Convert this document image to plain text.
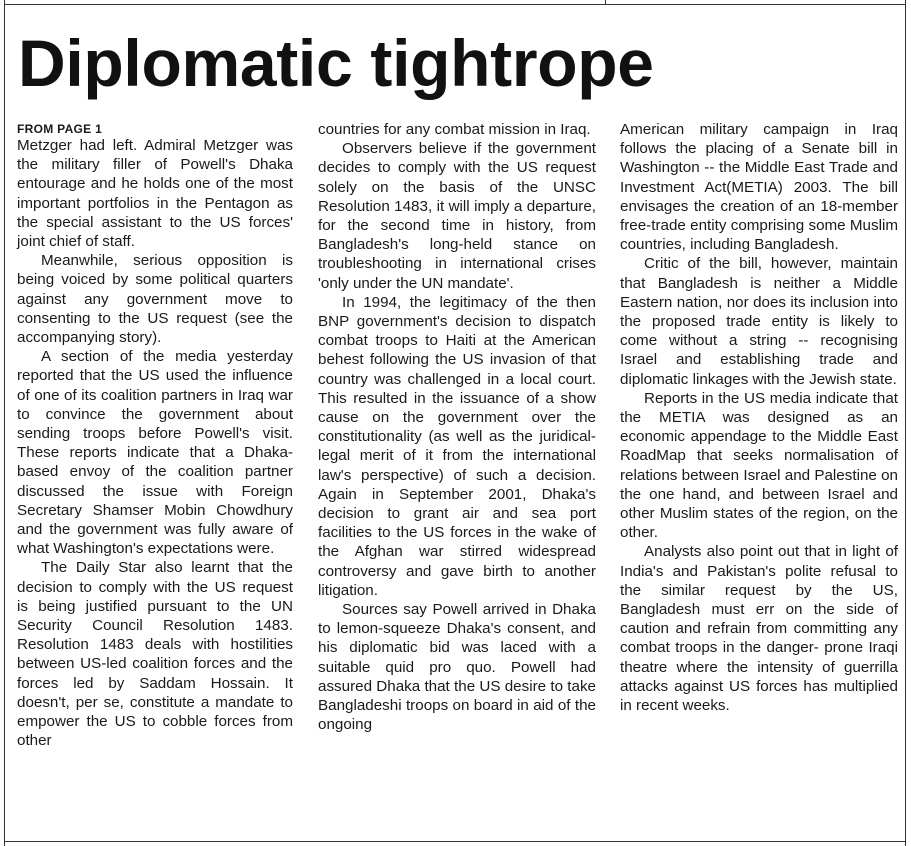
Diplomatic tightrope
FROM PAGE 1

Metzger had left. Admiral Metzger was the military filler of Powell's Dhaka entourage and he holds one of the most important portfolios in the Pentagon as the special assistant to the US forces' joint chief of staff.

Meanwhile, serious opposition is being voiced by some political quarters against any government move to consenting to the US request (see the accompanying story).

A section of the media yesterday reported that the US used the influence of one of its coalition partners in Iraq war to convince the government about sending troops before Powell's visit. These reports indicate that a Dhaka-based envoy of the coalition partner discussed the issue with Foreign Secretary Shamser Mobin Chowdhury and the government was fully aware of what Washington's expectations were.

The Daily Star also learnt that the decision to comply with the US request is being justified pursuant to the UN Security Council Resolution 1483. Resolution 1483 deals with hostilities between US-led coalition forces and the forces led by Saddam Hossain. It doesn't, per se, constitute a mandate to empower the US to cobble forces from other

countries for any combat mission in Iraq.

Observers believe if the government decides to comply with the US request solely on the basis of the UNSC Resolution 1483, it will imply a departure, for the second time in history, from Bangladesh's long-held stance on troubleshooting in international crises 'only under the UN mandate'.

In 1994, the legitimacy of the then BNP government's decision to dispatch combat troops to Haiti at the American behest following the US invasion of that country was challenged in a local court. This resulted in the issuance of a show cause on the government over the constitutionality (as well as the juridical-legal merit of it from the international law's perspective) of such a decision. Again in September 2001, Dhaka's decision to grant air and sea port facilities to the US forces in the wake of the Afghan war stirred widespread controversy and gave birth to another litigation.

Sources say Powell arrived in Dhaka to lemon-squeeze Dhaka's consent, and his diplomatic bid was laced with a suitable quid pro quo. Powell had assured Dhaka that the US desire to take Bangladeshi troops on board in aid of the ongoing

American military campaign in Iraq follows the placing of a Senate bill in Washington -- the Middle East Trade and Investment Act(METIA) 2003. The bill envisages the creation of an 18-member free-trade entity comprising some Muslim countries, including Bangladesh.

Critic of the bill, however, maintain that Bangladesh is neither a Middle Eastern nation, nor does its inclusion into the proposed trade entity is likely to come without a string -- recognising Israel and establishing trade and diplomatic linkages with the Jewish state.

Reports in the US media indicate that the METIA was designed as an economic appendage to the Middle East RoadMap that seeks normalisation of relations between Israel and Palestine on the one hand, and between Israel and other Muslim states of the region, on the other.

Analysts also point out that in light of India's and Pakistan's polite refusal to the similar request by the US, Bangladesh must err on the side of caution and refrain from committing any combat troops in the danger- prone Iraqi theatre where the intensity of guerrilla attacks against US forces has multiplied in recent weeks.
